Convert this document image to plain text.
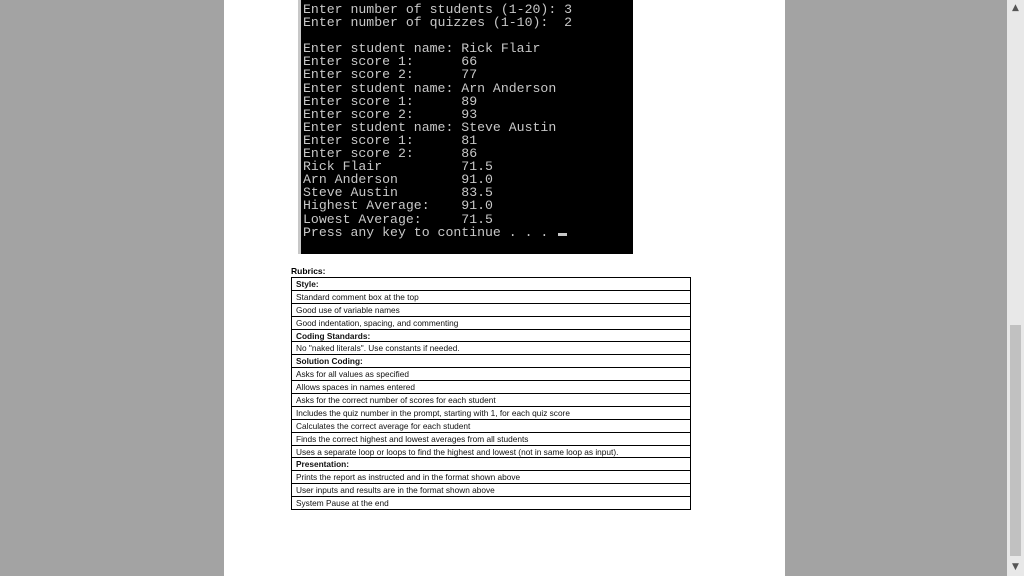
Enter number of students (1-20): 3
Enter number of quizzes (1-10):  2
Enter student name: Rick Flair
Enter score 1:      66
Enter score 2:      77
Enter student name: Arn Anderson
Enter score 1:      89
Enter score 2:      93
Enter student name: Steve Austin
Enter score 1:      81
Enter score 2:      86
Rick Flair          71.5
Arn Anderson        91.0
Steve Austin        83.5
Highest Average:    91.0
Lowest Average:     71.5
Press any key to continue . . .
Rubrics:
Style:
Standard comment box at the top
Good use of variable names
Good indentation, spacing, and commenting
Coding Standards:
No "naked literals". Use constants if needed.
Solution Coding:
Asks for all values as specified
Allows spaces in names entered
Asks for the correct number of scores for each student
Includes the quiz number in the prompt, starting with 1, for each quiz score
Calculates the correct average for each student
Finds the correct highest and lowest averages from all students
Uses a separate loop or loops to find the highest and lowest (not in same loop as input).
Presentation:
Prints the report as instructed and in the format shown above
User inputs and results are in the format shown above
System Pause at the end
▲
▼
